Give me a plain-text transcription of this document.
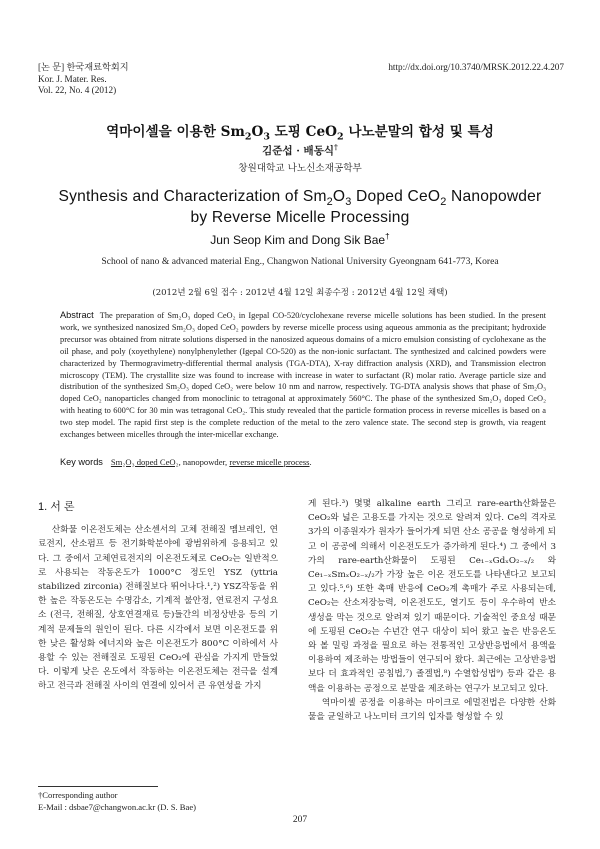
[논 문] 한국재료학회지
Kor. J. Mater. Res.
Vol. 22, No. 4 (2012)
http://dx.doi.org/10.3740/MRSK.2012.22.4.207
역마이셀을 이용한 $Sm_2O_3$ 도핑 CeO$_2$ 나노분말의 합성 및 특성
김준섭 · 배동식†
창원대학교 나노신소재공학부
Synthesis and Characterization of $Sm_2O_3$ Doped CeO$_2$ Nanopowder
by Reverse Micelle Processing
Jun Seop Kim and Dong Sik Bae†
School of nano & advanced material Eng., Changwon National University Gyeongnam 641-773, Korea
(2012년 2월 6일 접수 : 2012년 4월 12일 최종수정 : 2012년 4월 12일 채택)
Abstract The preparation of Sm₂O₃ doped CeO₂ in Igepal CO-520/cyclohexane reverse micelle solutions has been studied. In the present work, we synthesized nanosized Sm₂O₃ doped CeO₂ powders by reverse micelle process using aqueous ammonia as the precipitant; hydroxide precursor was obtained from nitrate solutions dispersed in the nanosized aqueous domains of a micro emulsion consisting of cyclohexane as the oil phase, and poly (xoyethylene) nonylphenylether (Igepal CO-520) as the non-ionic surfactant. The synthesized and calcined powders were characterized by Thermogravimetry-differential thermal analysis (TGA-DTA), X-ray diffraction analysis (XRD), and Transmission electron microscopy (TEM). The crystallite size was found to increase with increase in water to surfactant (R) molar ratio. Average particle size and distribution of the synthesized Sm₂O₃ doped CeO₂ were below 10 nm and narrow, respectively. TG-DTA analysis shows that phase of Sm₂O₃ doped CeO₂ nanoparticles changed from monoclinic to tetragonal at approximately 560°C. The phase of the synthesized Sm₂O₃ doped CeO₂ with heating to 600°C for 30 min was tetragonal CeO₂. This study revealed that the particle formation process in reverse micelles is based on a two step model. The rapid first step is the complete reduction of the metal to the zero valence state. The second step is growth, via reagent exchanges between micelles through the inter-micellar exchange.
Key words Sm₂O₃ doped CeO₂, nanopowder, reverse micelle process.
1. 서 론

산화물 이온전도체는 산소센서의 고체 전해질 멤브레인, 연료전지, 산소펌프 등 전기화학분야에 광범위하게 응용되고 있다. 그 중에서 고체연료전지의 이온전도체로 CeO₂는 일반적으로 사용되는 작동온도가 1000°C 정도인 YSZ (yttria stabilized zirconia) 전해질보다 뛰어나다.¹,²) YSZ작동을 위한 높은 작동온도는 수명감소, 기계적 불안정, 연료전지 구성요소 (전극, 전해질, 상호연결재료 등)들간의 비정상반응 등의 기계적 문제들의 원인이 된다. 다른 시각에서 보면 이온전도를 위한 낮은 활성화 에너지와 높은 이온전도가 800°C 이하에서 사용할 수 있는 전해질로 도핑된 CeO₂에 관심을 가지게 만들었다. 이렇게 낮은 온도에서 작동하는 이온전도체는 전극을 설계하고 전극과 전해질 사이의 연결에 있어서 큰 유연성을 가지

게 된다.³) 몇몇 alkaline earth 그리고 rare-earth산화물은 CeO₂와 넓은 고용도를 가지는 것으로 알려져 있다. Ce의 격자로 3가의 이종원자가 원자가 들어가게 되면 산소 공공을 형성하게 되고 이 공공에 의해서 이온전도도가 증가하게 된다.⁴) 그 중에서 3가의 rare-earth산화물이 도핑된 Ce₁₋ₓGdₓO₂₋ₓ/₂ 와 Ce₁₋ₓSmₓO₂₋ₓ/₂가 가장 높은 이온 전도도를 나타낸다고 보고되고 있다.⁵,⁶) 또한 촉매 반응에 CeO₂계 촉매가 주로 사용되는데, CeO₂는 산소저장능력, 이온전도도, 열기도 등이 우수하여 반소 생성을 막는 것으로 알려져 있기 때문이다. 기술적인 중요성 때문에 도핑된 CeO₂는 수년간 연구 대상이 되어 왔고 높은 반응온도와 볼 밀링 과정을 필요로 하는 전통적인 고상반응법에서 용액을 이용하여 제조하는 방법들이 연구되어 왔다. 최근에는 고상반응법보다 더 효과적인 공침법,⁷) 졸겔법,⁸) 수열합성법⁹) 등과 같은 용액을 이용하는 공정으로 분말을 제조하는 연구가 보고되고 있다.

역마이셀 공정을 이용하는 마이크로 에멀전법은 다양한 산화물을 균일하고 나노미터 크기의 입자를 형성할 수 있

†Corresponding author
E-Mail : dsbae7@changwon.ac.kr (D. S. Bae)
207
